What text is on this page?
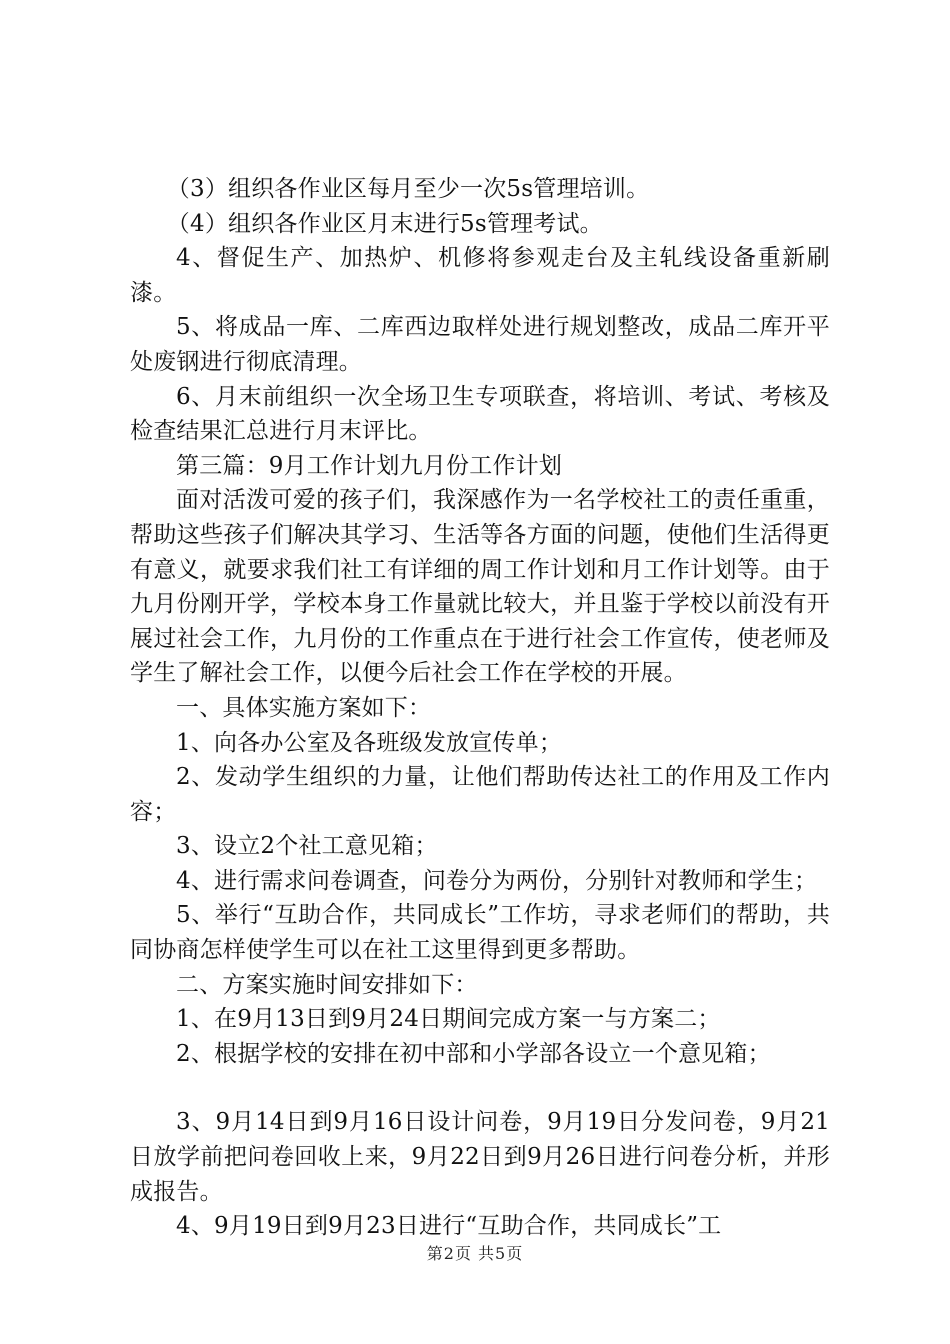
（3）组织各作业区每月至少一次5s管理培训。

（4）组织各作业区月末进行5s管理考试。

4、督促生产、加热炉、机修将参观走台及主轧线设备重新刷漆。

5、将成品一库、二库西边取样处进行规划整改，成品二库开平处废钢进行彻底清理。

6、月末前组织一次全场卫生专项联查，将培训、考试、考核及检查结果汇总进行月末评比。

第三篇：9月工作计划九月份工作计划

面对活泼可爱的孩子们，我深感作为一名学校社工的责任重重，帮助这些孩子们解决其学习、生活等各方面的问题，使他们生活得更有意义，就要求我们社工有详细的周工作计划和月工作计划等。由于九月份刚开学，学校本身工作量就比较大，并且鉴于学校以前没有开展过社会工作，九月份的工作重点在于进行社会工作宣传，使老师及学生了解社会工作，以便今后社会工作在学校的开展。

一、具体实施方案如下：

1、向各办公室及各班级发放宣传单；

2、发动学生组织的力量，让他们帮助传达社工的作用及工作内容；

3、设立2个社工意见箱；

4、进行需求问卷调查，问卷分为两份，分别针对教师和学生；

5、举行“互助合作，共同成长”工作坊，寻求老师们的帮助，共同协商怎样使学生可以在社工这里得到更多帮助。

二、方案实施时间安排如下：

1、在9月13日到9月24日期间完成方案一与方案二；

2、根据学校的安排在初中部和小学部各设立一个意见箱；

3、9月14日到9月16日设计问卷，9月19日分发问卷，9月21日放学前把问卷回收上来，9月22日到9月26日进行问卷分析，并形成报告。

4、9月19日到9月23日进行“互助合作，共同成长”工

第2页 共5页
